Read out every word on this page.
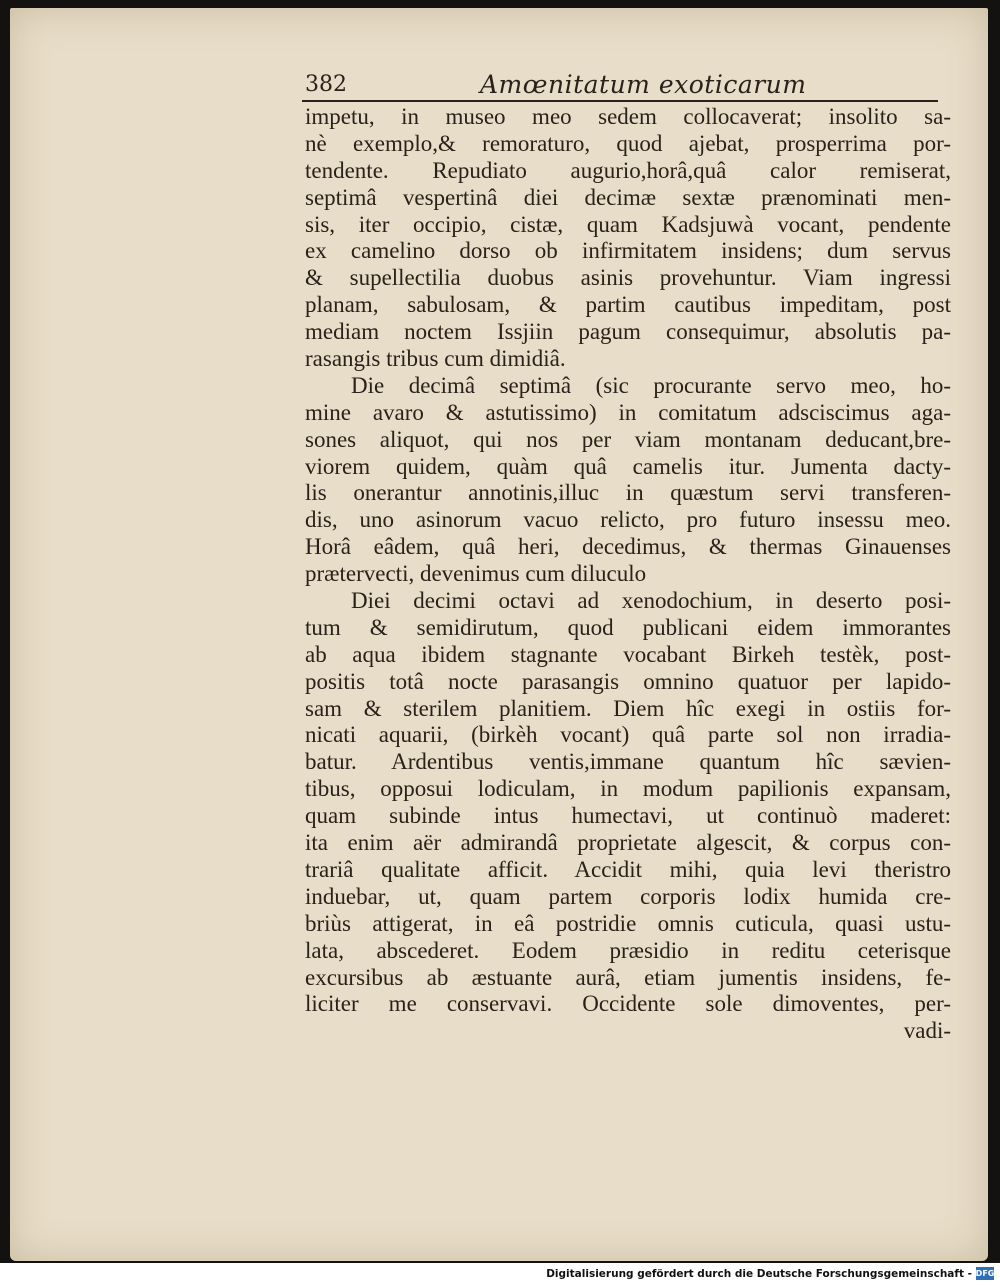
382	Amœnitatum exoticarum
impetu, in museo meo sedem collocaverat; insolito sa-
nè exemplo,& remoraturo, quod ajebat, prosperrima por-
tendente. Repudiato augurio,horâ,quâ calor remiserat,
septimâ vespertinâ diei decimæ sextæ prænominati men-
sis, iter occipio, cistæ, quam Kadsjuwà vocant, pendente
ex camelino dorso ob infirmitatem insidens; dum servus
& supellectilia duobus asinis provehuntur. Viam ingressi
planam, sabulosam, & partim cautibus impeditam, post
mediam noctem Issjiin pagum consequimur, absolutis pa-
rasangis tribus cum dimidiâ.
Die decimâ septimâ (sic procurante servo meo, ho-
mine avaro & astutissimo) in comitatum adsciscimus aga-
sones aliquot, qui nos per viam montanam deducant,bre-
viorem quidem, quàm quâ camelis itur. Jumenta dacty-
lis onerantur annotinis,illuc in quæstum servi transferen-
dis, uno asinorum vacuo relicto, pro futuro insessu meo.
Horâ eâdem, quâ heri, decedimus, & thermas Ginauenses
prætervecti, devenimus cum diluculo
Diei decimi octavi ad xenodochium, in deserto posi-
tum & semidirutum, quod publicani eidem immorantes
ab aqua ibidem stagnante vocabant Birkeh testèk, post-
positis totâ nocte parasangis omnino quatuor per lapido-
sam & sterilem planitiem. Diem hîc exegi in ostiis for-
nicati aquarii, (birkèh vocant) quâ parte sol non irradia-
batur. Ardentibus ventis,immane quantum hîc sævien-
tibus, opposui lodiculam, in modum papilionis expansam,
quam subinde intus humectavi, ut continuò maderet:
ita enim aër admirandâ proprietate algescit, & corpus con-
trariâ qualitate afficit. Accidit mihi, quia levi theristro
induebar, ut, quam partem corporis lodix humida cre-
briùs attigerat, in eâ postridie omnis cuticula, quasi ustu-
lata, abscederet. Eodem præsidio in reditu ceterisque
excursibus ab æstuante aurâ, etiam jumentis insidens, fe-
liciter me conservavi. Occidente sole dimoventes, per-
vadi-
Digitalisierung gefördert durch die Deutsche Forschungsgemeinschaft - DFG
